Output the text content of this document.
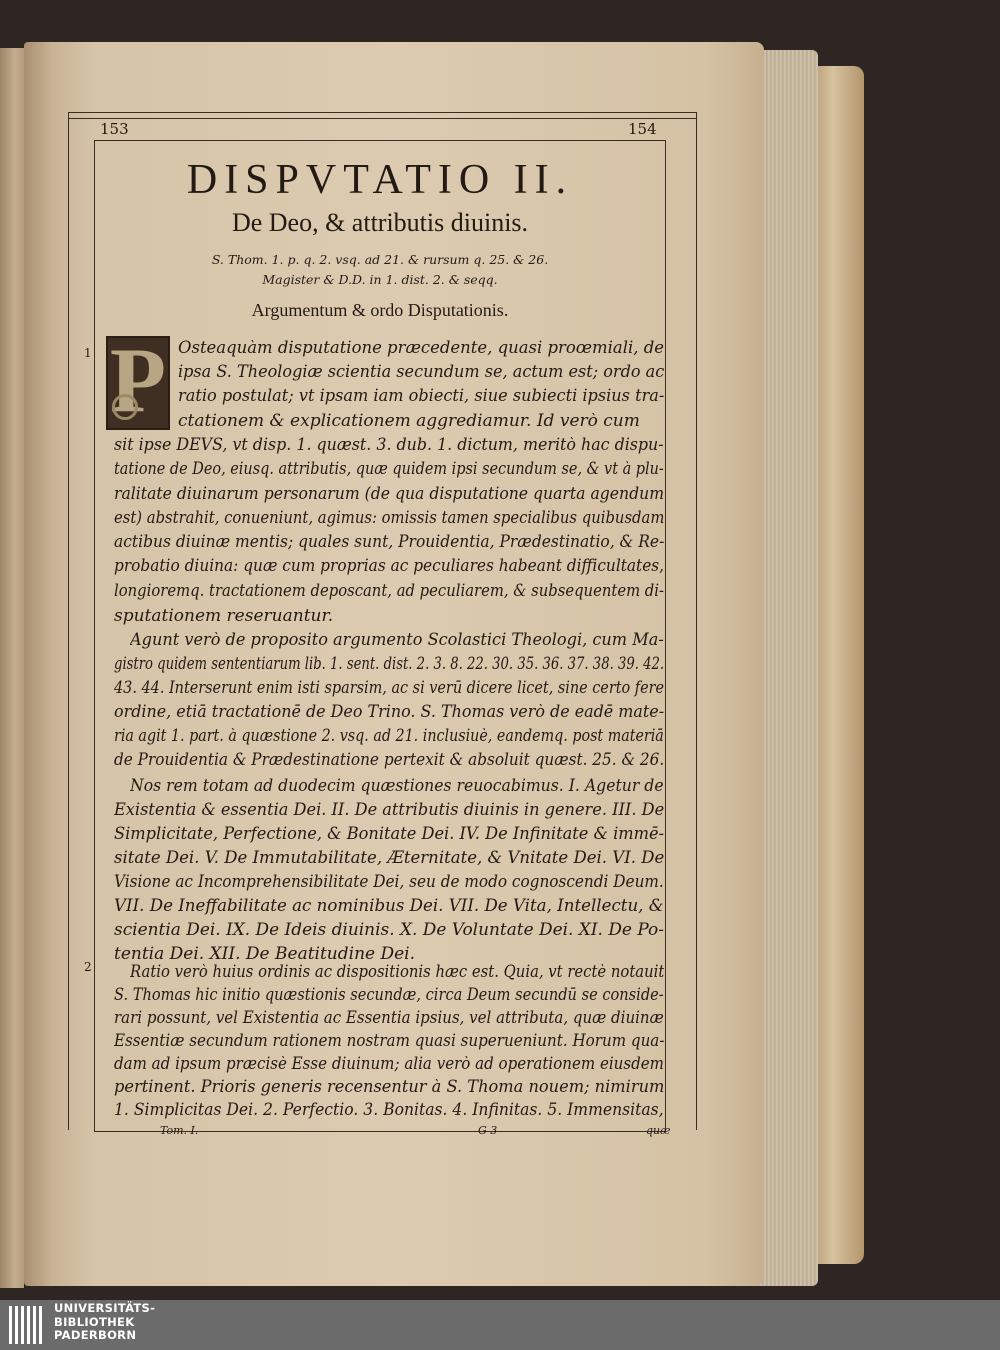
153	154
DISPVTATIO II.
De Deo, & attributis diuinis.
S. Thom. 1. p. q. 2. vsq. ad 21. & rursum q. 25. & 26.
Magister & D.D. in 1. dist. 2. & seqq.
Argumentum & ordo Disputationis.
P
1
2
Osteaquàm disputatione præcedente, quasi proœmiali, de
ipsa S. Theologiæ scientia secundum se, actum est; ordo ac
ratio postulat; vt ipsam iam obiecti, siue subiecti ipsius tra-
ctationem & explicationem aggrediamur. Id verò cum
sit ipse DEVS, vt disp. 1. quæst. 3. dub. 1. dictum, meritò hac dispu-
tatione de Deo, eiusq. attributis, quæ quidem ipsi secundum se, & vt à plu-
ralitate diuinarum personarum (de qua disputatione quarta agendum
est) abstrahit, conueniunt, agimus: omissis tamen specialibus quibusdam
actibus diuinæ mentis; quales sunt, Prouidentia, Prædestinatio, & Re-
probatio diuina: quæ cum proprias ac peculiares habeant difficultates,
longioremq. tractationem deposcant, ad peculiarem, & subsequentem di-
sputationem reseruantur.
Agunt verò de proposito argumento Scolastici Theologi, cum Ma-
gistro quidem sententiarum lib. 1. sent. dist. 2. 3. 8. 22. 30. 35. 36. 37. 38. 39. 42.
43. 44. Interserunt enim isti sparsim, ac si verū dicere licet, sine certo fere
ordine, etiā tractationē de Deo Trino. S. Thomas verò de eadē mate-
ria agit 1. part. à quæstione 2. vsq. ad 21. inclusiuè, eandemq. post materiā
de Prouidentia & Prædestinatione pertexit & absoluit quæst. 25. & 26.
Nos rem totam ad duodecim quæstiones reuocabimus. I. Agetur de
Existentia & essentia Dei. II. De attributis diuinis in genere. III. De
Simplicitate, Perfectione, & Bonitate Dei. IV. De Infinitate & immē-
sitate Dei. V. De Immutabilitate, Æternitate, & Vnitate Dei. VI. De
Visione ac Incomprehensibilitate Dei, seu de modo cognoscendi Deum.
VII. De Ineffabilitate ac nominibus Dei. VII. De Vita, Intellectu, &
scientia Dei. IX. De Ideis diuinis. X. De Voluntate Dei. XI. De Po-
tentia Dei. XII. De Beatitudine Dei.
Ratio verò huius ordinis ac dispositionis hæc est. Quia, vt rectè notauit
S. Thomas hic initio quæstionis secundæ, circa Deum secundū se conside-
rari possunt, vel Existentia ac Essentia ipsius, vel attributa, quæ diuinæ
Essentiæ secundum rationem nostram quasi superueniunt. Horum qua-
dam ad ipsum præcisè Esse diuinum; alia verò ad operationem eiusdem
pertinent. Prioris generis recensentur à S. Thoma nouem; nimirum
1. Simplicitas Dei. 2. Perfectio. 3. Bonitas. 4. Infinitas. 5. Immensitas,
Tom. I.	G 3	quæ
UNIVERSITÄTS-
BIBLIOTHEK
PADERBORN
